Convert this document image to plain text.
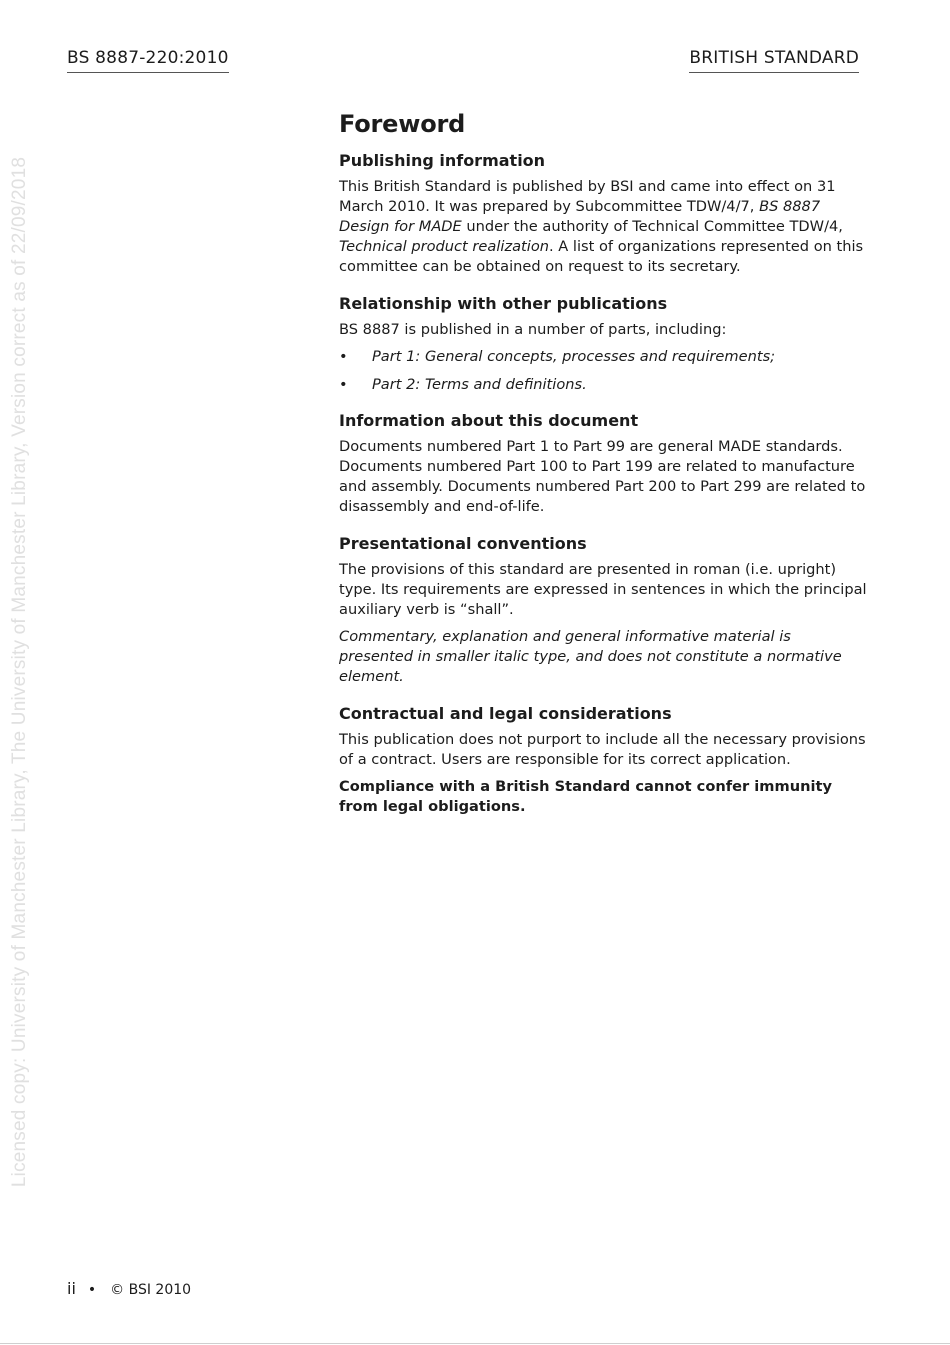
BS 8887-220:2010	BRITISH STANDARD
Licensed copy: University of Manchester Library, The University of Manchester Library, Version correct as of 22/09/2018
Foreword
Publishing information

This British Standard is published by BSI and came into effect on 31 March 2010. It was prepared by Subcommittee TDW/4/7, BS 8887 Design for MADE under the authority of Technical Committee TDW/4, Technical product realization. A list of organizations represented on this committee can be obtained on request to its secretary.

Relationship with other publications

BS 8887 is published in a number of parts, including:

• Part 1: General concepts, processes and requirements;
• Part 2: Terms and definitions.
Information about this document

Documents numbered Part 1 to Part 99 are general MADE standards. Documents numbered Part 100 to Part 199 are related to manufacture and assembly. Documents numbered Part 200 to Part 299 are related to disassembly and end-of-life.

Presentational conventions

The provisions of this standard are presented in roman (i.e. upright) type. Its requirements are expressed in sentences in which the principal auxiliary verb is “shall”.

Commentary, explanation and general informative material is presented in smaller italic type, and does not constitute a normative element.

Contractual and legal considerations

This publication does not purport to include all the necessary provisions of a contract. Users are responsible for its correct application.

Compliance with a British Standard cannot confer immunity from legal obligations.

ii • © BSI 2010
